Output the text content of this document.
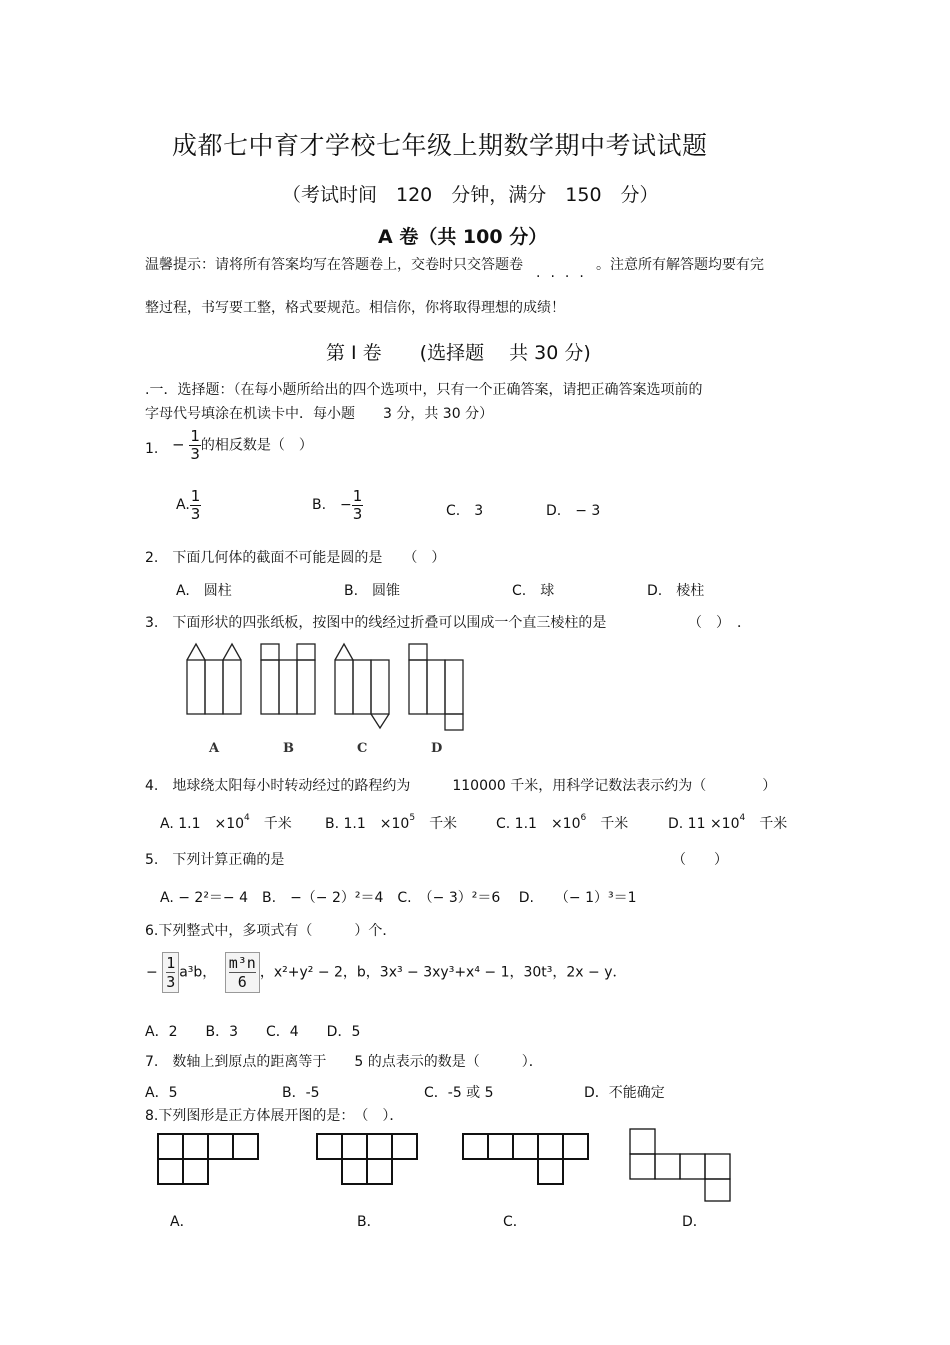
成都七中育才学校七年级上期数学期中考试试题
（考试时间　120　分钟，满分　150　分）
A 卷（共 100 分）
温馨提示：请将所有答案均写在答题卷上，交卷时只交答题卷 .... 。注意所有解答题均要有完
整过程，书写要工整，格式要规范。相信你，你将取得理想的成绩！
第 I 卷　　(选择题　 共 30 分)
.一．选择题：（在每小题所给出的四个选项中，只有一个正确答案，请把正确答案选项前的
字母代号填涂在机读卡中．每小题　　3 分，共 30 分）
1. − $\frac{1}{3}$ 的相反数是（　）
A. $\frac{1}{3}$	B.　− $\frac{1}{3}$	C.　3	D.　− 3
2.　下面几何体的截面不可能是圆的是　　（　）
A.　圆柱	B.　圆锥	C.　球	D.　棱柱
3.　下面形状的四张纸板，按图中的线经过折叠可以围成一个直三棱柱的是	（　）　．
A	B	C	D
4.　地球绕太阳每小时转动经过的路程约为　　　110000 千米，用科学记数法表示约为（　　　　）
A. 1.1　$\times 10^4$　 千米 B. 1.1　$\times 10^5$　 千米	C. 1.1　$\times 10^6$　 千米	D. $11 \times 10^4$　 千米
5.　下列计算正确的是	（　　）
A. − 2²＝− 4　B.　−（− 2）²＝4　C.　（− 3）²＝6　 D.　　（− 1）³＝1
6.下列整式中，多项式有（　　　）个．
− $\frac{1}{3} a^3b$， $\frac{\text{m³n}}{6}$ ，x²+y² − 2，b，3x³ − 3xy³+x⁴ − 1，30t³，2x − y．
A．2　　B．3　　C．4　　D．5
7.　数轴上到原点的距离等于　　5 的点表示的数是（　　　）．
A．5	B．-5	C．-5 或 5	D．不能确定
8.下列图形是正方体展开图的是：　（　）．
A．	B．	C．	D．
